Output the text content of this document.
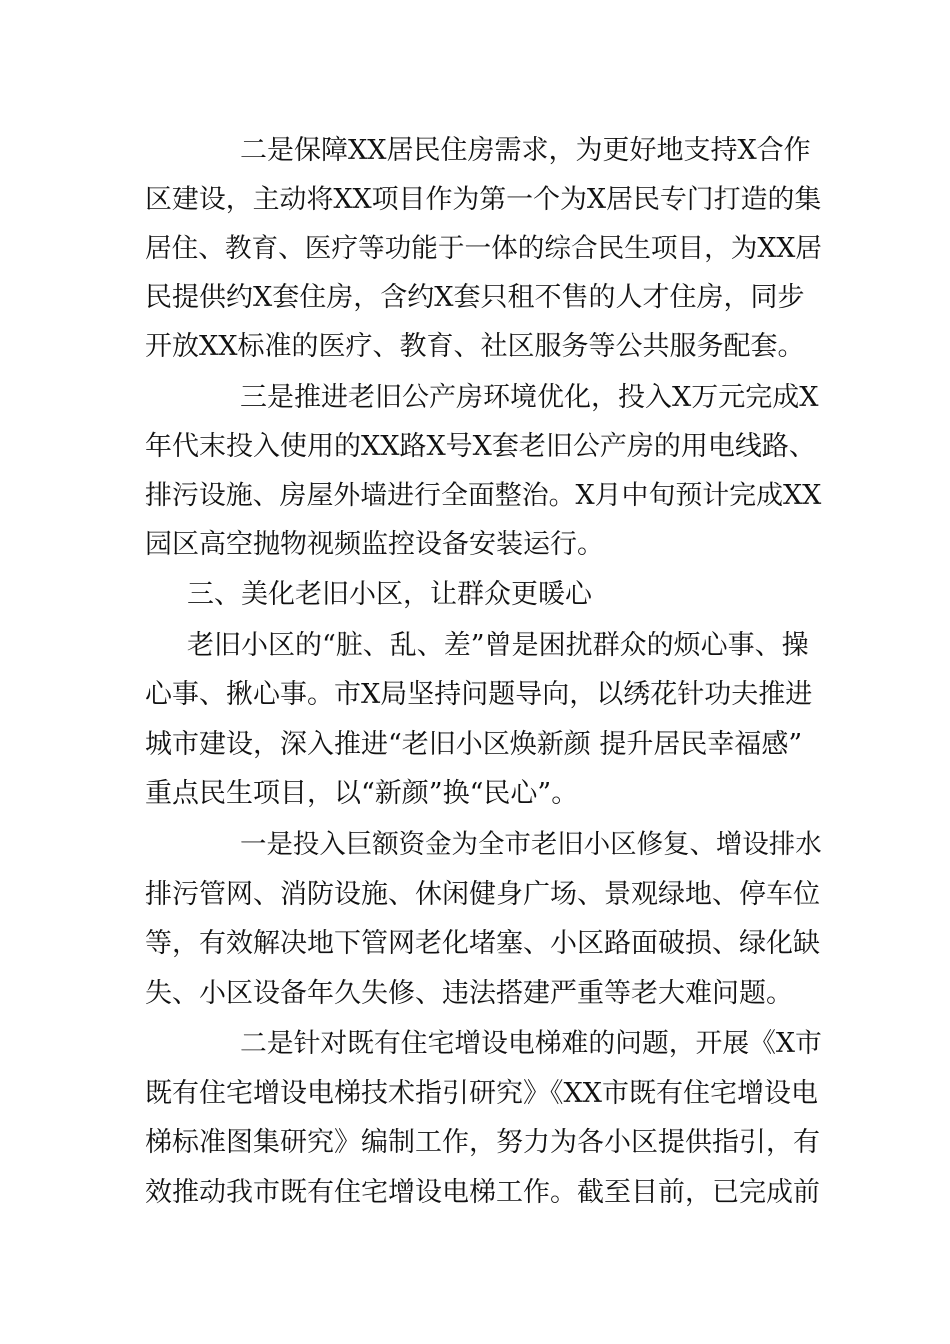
二是保障XX居民住房需求，为更好地支持X合作
区建设，主动将XX项目作为第一个为X居民专门打造的集
居住、教育、医疗等功能于一体的综合民生项目，为XX居
民提供约X套住房，含约X套只租不售的人才住房，同步
开放XX标准的医疗、教育、社区服务等公共服务配套。
三是推进老旧公产房环境优化，投入X万元完成X
年代末投入使用的XX路X号X套老旧公产房的用电线路、
排污设施、房屋外墙进行全面整治。X月中旬预计完成XX
园区高空抛物视频监控设备安装运行。
三、美化老旧小区，让群众更暖心
老旧小区的“脏、乱、差”曾是困扰群众的烦心事、操
心事、揪心事。市X局坚持问题导向，以绣花针功夫推进
城市建设，深入推进“老旧小区焕新颜 提升居民幸福感”
重点民生项目，以“新颜”换“民心”。
一是投入巨额资金为全市老旧小区修复、增设排水
排污管网、消防设施、休闲健身广场、景观绿地、停车位
等，有效解决地下管网老化堵塞、小区路面破损、绿化缺
失、小区设备年久失修、违法搭建严重等老大难问题。
二是针对既有住宅增设电梯难的问题，开展《X市
既有住宅增设电梯技术指引研究》《XX市既有住宅增设电
梯标准图集研究》编制工作，努力为各小区提供指引，有
效推动我市既有住宅增设电梯工作。截至目前，已完成前
